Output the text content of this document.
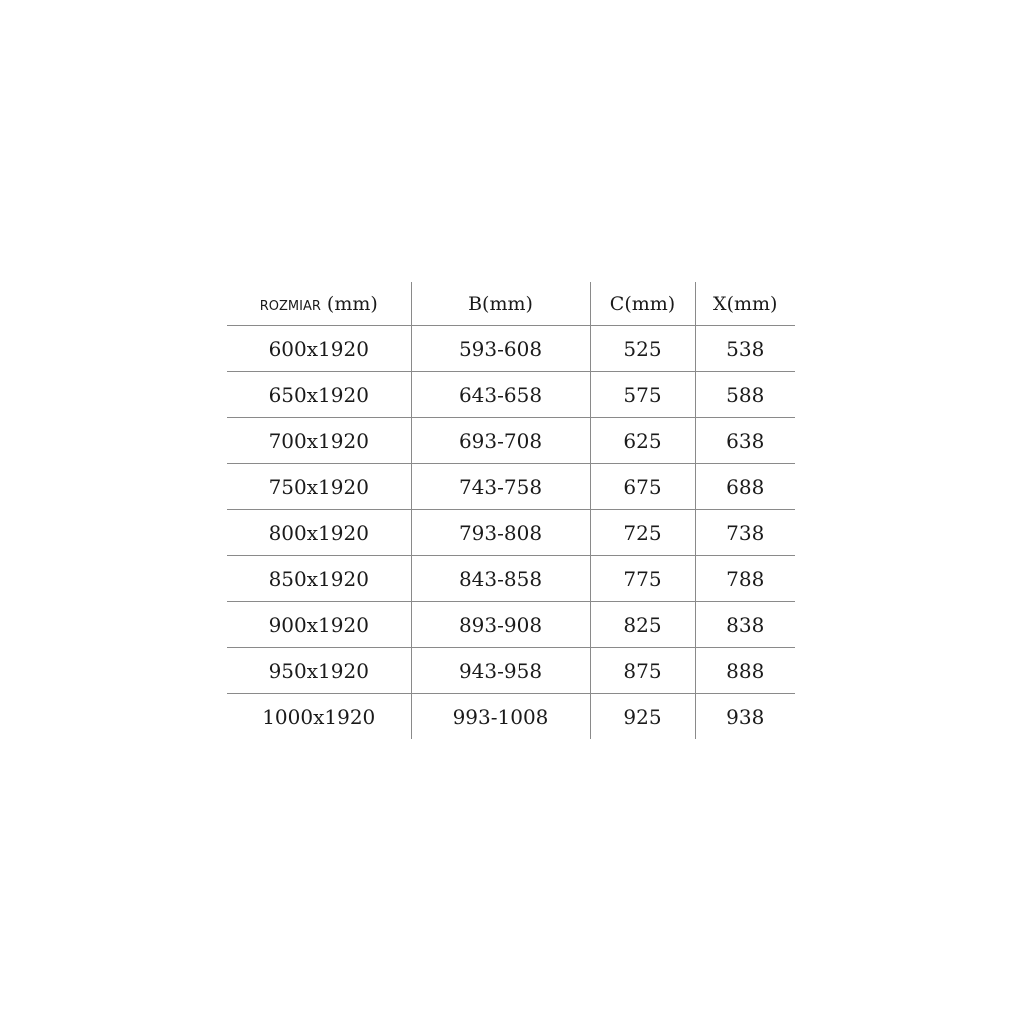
ROZMIAR (mm)	B(mm)	C(mm)	X(mm)
600x1920	593-608	525	538
650x1920	643-658	575	588
700x1920	693-708	625	638
750x1920	743-758	675	688
800x1920	793-808	725	738
850x1920	843-858	775	788
900x1920	893-908	825	838
950x1920	943-958	875	888
1000x1920	993-1008	925	938
